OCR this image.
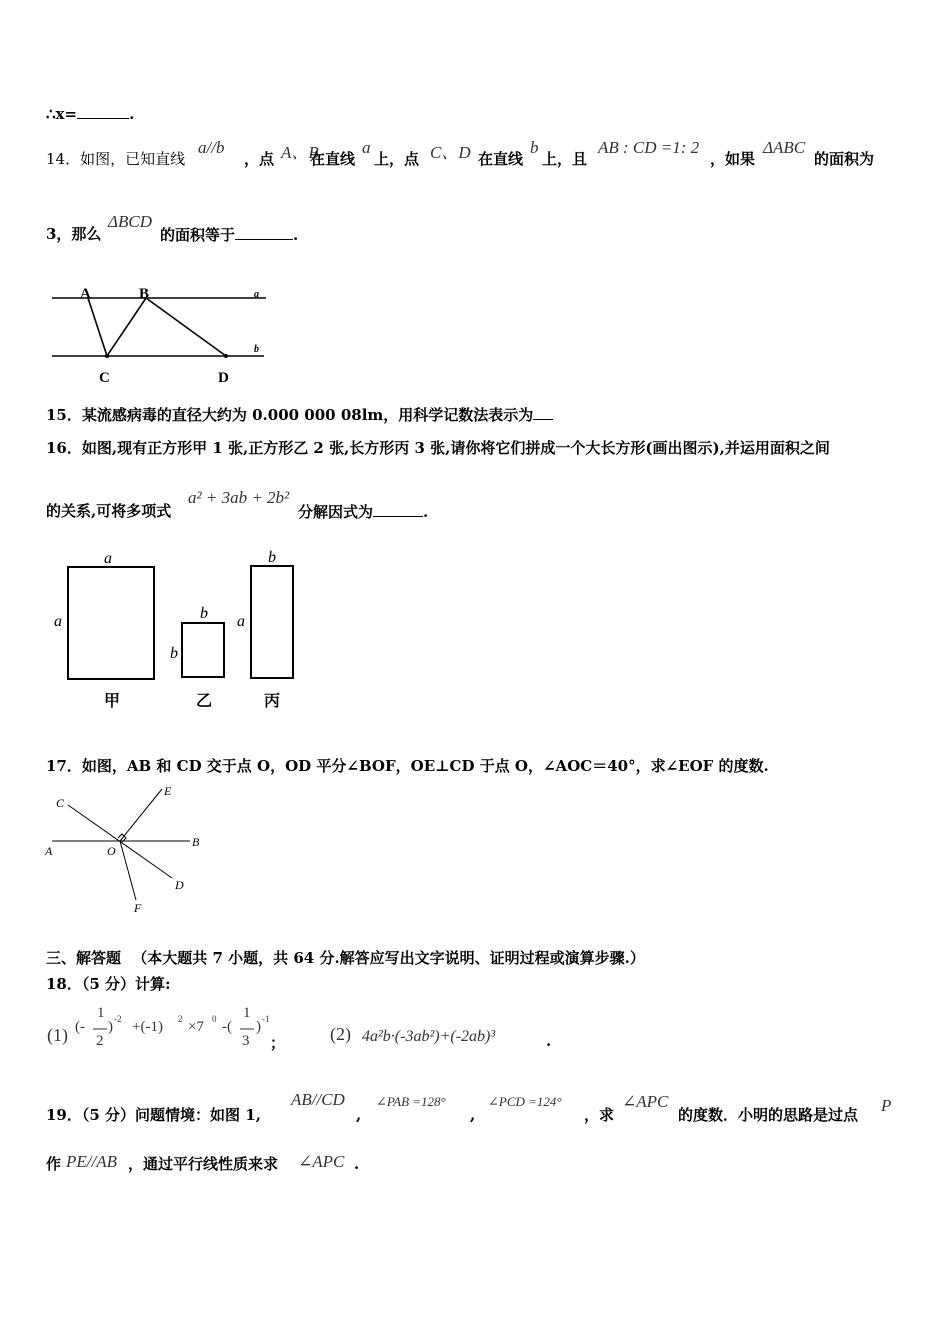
∴x=	.
14．如图，已知直线
a//b
，点 A、B
在直线
a
上，点 C、D 在直线
b
上，且
AB : CD =1: 2
，如果
ΔABC
的面积为
3，那么
ΔBCD
的面积等于	.
A	B
C	D
a
b
15．某流感病毒的直径大约为 0.000 000 08lm，用科学记数法表示为
16．如图,现有正方形甲 1 张,正方形乙 2 张,长方形丙 3 张,请你将它们拼成一个大长方形(画出图示),并运用面积之间
的关系,可将多项式
a² + 3ab + 2b²
分解因式为	.
a
a
甲
b
b
乙
b
a
丙
17．如图，AB 和 CD 交于点 O，OD 平分∠BOF，OE⊥CD 于点 O，∠AOC＝40°，求∠EOF 的度数.
C
E
A	O
B
D
F
三、解答题 （本大题共 7 小题，共 64 分.解答应写出文字说明、证明过程或演算步骤.）
18．（5 分）计算:
(1) (-
1
2
) -2 +(-1) 2 ×7 0 -(
1
3
) -1
； (2) 4a²b·(-3ab²)+(-2ab)³	.
19．（5 分）问题情境：如图 1,
AB//CD
,
∠PAB =128°
,
∠PCD =124°
，求
∠APC
的度数．小明的思路是过点 P
作 PE//AB ，通过平行线性质来求 ∠APC .
